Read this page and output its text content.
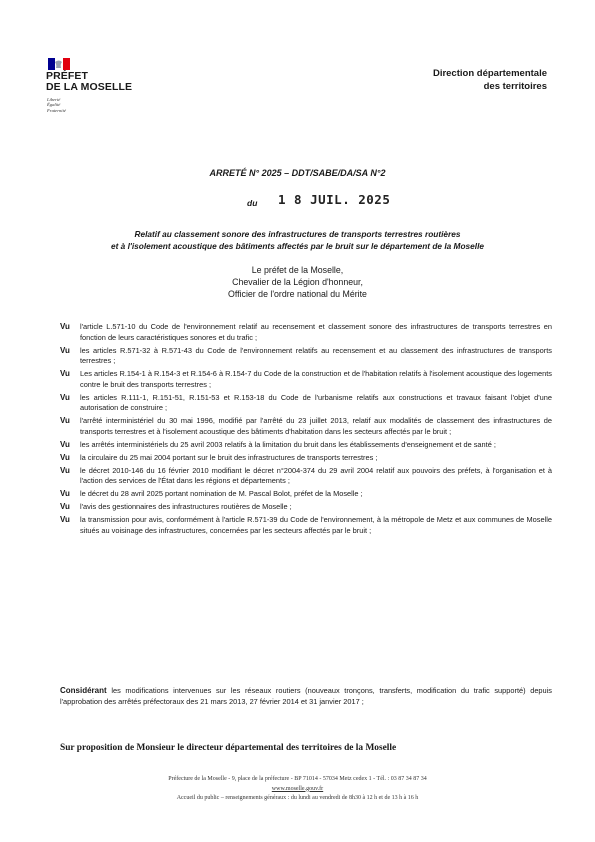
PRÉFET
DE LA MOSELLE
Liberté
Égalité
Fraternité
Direction départementale
des territoires
ARRETÉ N° 2025 – DDT/SABE/DA/SA N°2
du 1 8 JUIL. 2025
Relatif au classement sonore des infrastructures de transports terrestres routières
et à l'isolement acoustique des bâtiments affectés par le bruit sur le département de la Moselle
Le préfet de la Moselle,
Chevalier de la Légion d'honneur,
Officier de l'ordre national du Mérite
Vu l'article L.571-10 du Code de l'environnement relatif au recensement et classement sonore des infrastructures de transports terrestres en fonction de leurs caractéristiques sonores et du trafic ;
Vu les articles R.571-32 à R.571-43 du Code de l'environnement relatifs au recensement et au classement des infrastructures de transports terrestres ;
Vu Les articles R.154-1 à R.154-3 et R.154-6 à R.154-7 du Code de la construction et de l'habitation relatifs à l'isolement acoustique des logements contre le bruit des transports terrestres ;
Vu les articles R.111-1, R.151-51, R.151-53 et R.153-18 du Code de l'urbanisme relatifs aux constructions et travaux faisant l'objet d'une autorisation de construire ;
Vu l'arrêté interministériel du 30 mai 1996, modifié par l'arrêté du 23 juillet 2013, relatif aux modalités de classement des infrastructures de transports terrestres et à l'isolement acoustique des bâtiments d'habitation dans les secteurs affectés par le bruit ;
Vu les arrêtés interministériels du 25 avril 2003 relatifs à la limitation du bruit dans les établissements d'enseignement et de santé ;
Vu la circulaire du 25 mai 2004 portant sur le bruit des infrastructures de transports terrestres ;
Vu le décret 2010-146 du 16 février 2010 modifiant le décret n°2004-374 du 29 avril 2004 relatif aux pouvoirs des préfets, à l'organisation et à l'action des services de l'État dans les régions et départements ;
Vu le décret du 28 avril 2025 portant nomination de M. Pascal Bolot, préfet de la Moselle ;
Vu l'avis des gestionnaires des infrastructures routières de Moselle ;
Vu la transmission pour avis, conformément à l'article R.571-39 du Code de l'environnement, à la métropole de Metz et aux communes de Moselle situés au voisinage des infrastructures, concernées par les secteurs affectés par le bruit ;
Considérant les modifications intervenues sur les réseaux routiers (nouveaux tronçons, transferts, modification du trafic supporté) depuis l'approbation des arrêtés préfectoraux des 21 mars 2013, 27 février 2014 et 31 janvier 2017 ;
Sur proposition de Monsieur le directeur départemental des territoires de la Moselle
Préfecture de la Moselle - 9, place de la préfecture - BP 71014 - 57034 Metz cedex 1 - Tél. : 03 87 34 87 34
www.moselle.gouv.fr
Accueil du public – renseignements généraux : du lundi au vendredi de 8h30 à 12 h et de 13 h à 16 h
